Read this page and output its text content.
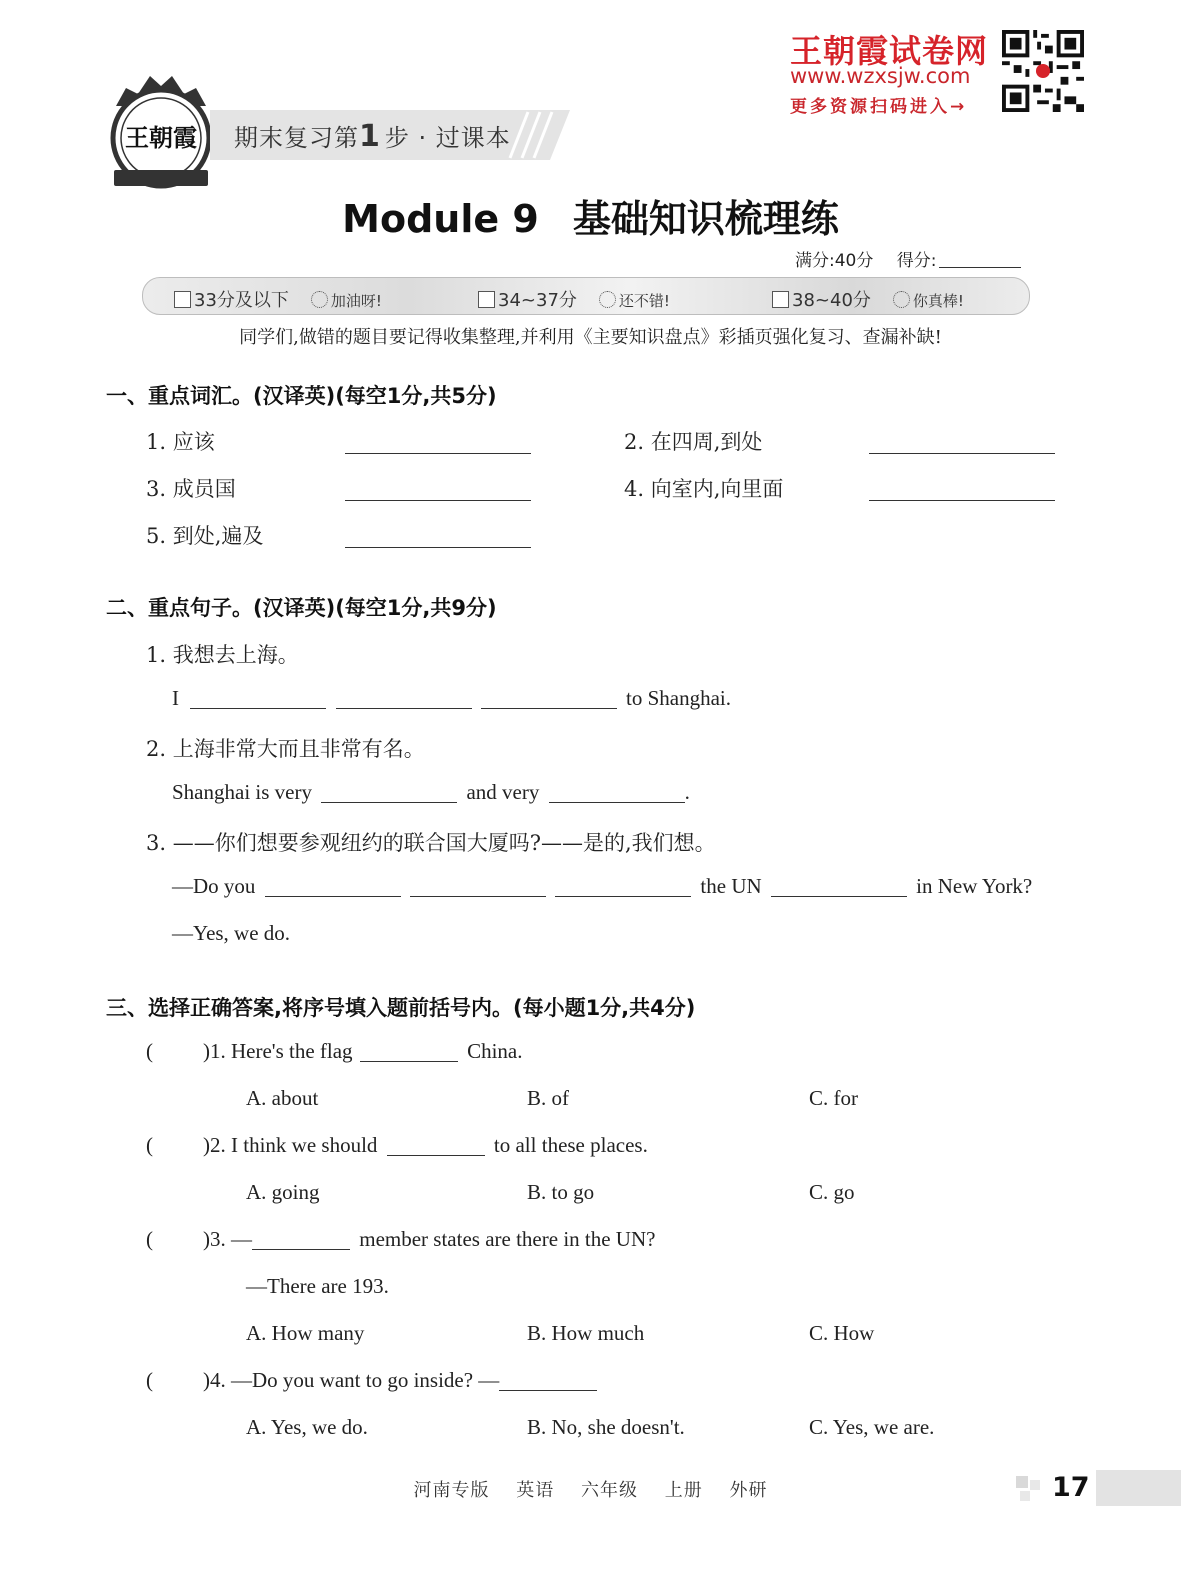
王朝霞 期末复习第1 步 · 过课本
王朝霞试卷网
www.wzxsjw.com
更多资源扫码进入→
Module 9 基础知识梳理练
满分:40分 得分:
33分及以下	加油呀!	34~37分	还不错!	38~40分	你真棒!
同学们,做错的题目要记得收集整理,并利用《主要知识盘点》彩插页强化复习、查漏补缺!
一、重点词汇。(汉译英)(每空1分,共5分)
1. 应该	2. 在四周,到处
3. 成员国	4. 向室内,向里面
5. 到处,遍及
二、重点句子。(汉译英)(每空1分,共9分)
1. 我想去上海。
I	to Shanghai.
2. 上海非常大而且非常有名。
Shanghai is very	and very	.
3. ——你们想要参观纽约的联合国大厦吗?——是的,我们想。
—Do you	the UN	in New York?
—Yes, we do.
三、选择正确答案,将序号填入题前括号内。(每小题1分,共4分)
( )1. Here's the flag	China.
A. about	B. of	C. for
( )2. I think we should	to all these places.
A. going	B. to go	C. go
( )3. —	member states are there in the UN?
—There are 193.
A. How many	B. How much	C. How
( )4. —Do you want to go inside? —
A. Yes, we do.	B. No, she doesn't.	C. Yes, we are.
河南专版 英语 六年级 上册 外研	17
